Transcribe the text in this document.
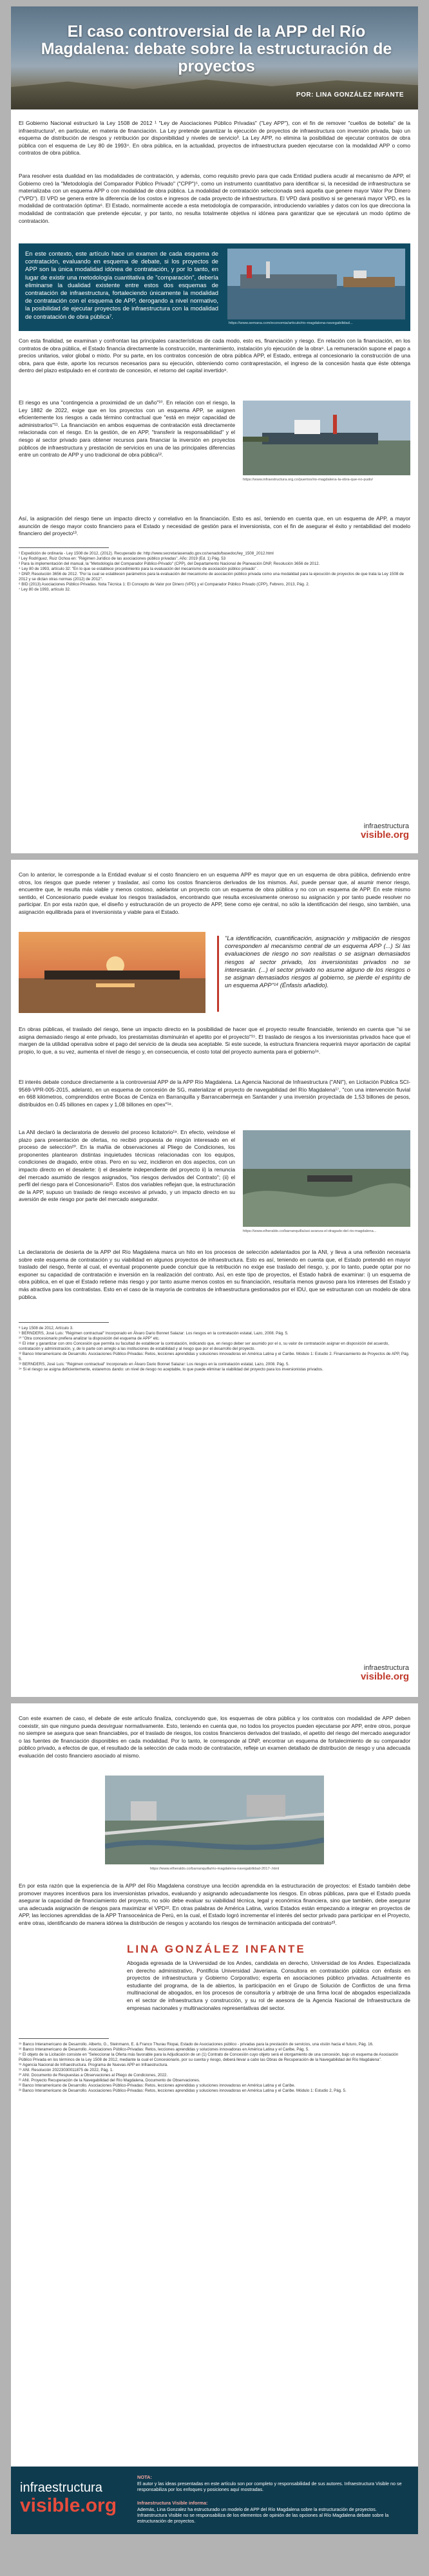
El caso controversial de la APP del Río Magdalena: debate sobre la estructuración de proyectos
POR: LINA GONZÁLEZ INFANTE

El Gobierno Nacional estructuró la Ley 1508 de 2012 ¹ "Ley de Asociaciones Público Privadas" ("Ley APP"), con el fin de remover "cuellos de botella" de la infraestructura², en particular, en materia de financiación. La Ley pretende garantizar la ejecución de proyectos de infraestructura con inversión privada, bajo un esquema de distribución de riesgos y retribución por disponibilidad y niveles de servicio³. La Ley APP, no elimina la posibilidad de ejecutar contratos de obra pública con el esquema de Ley 80 de 1993⁴. En obra pública, en la actualidad, proyectos de infraestructura pueden ejecutarse con la modalidad APP o como contratos de obra pública.

Para resolver esta dualidad en las modalidades de contratación, y además, como requisito previo para que cada Entidad pudiera acudir al mecanismo de APP, el Gobierno creó la "Metodología del Comparador Público Privado" ("CPP")⁵, como un instrumento cuantitativo para identificar si, la necesidad de infraestructura se materializaba con un esquema APP o con modalidad de obra pública. La modalidad de contratación seleccionada será aquella que genere mayor Valor Por Dinero ("VPD"). El VPD se genera entre la diferencia de los costos e ingresos de cada proyecto de infraestructura. El VPD dará positivo si se generará mayor VPD, es la modalidad de contratación óptima⁶. El Estado, normalmente accede a esta metodología de comparación, introduciendo variables y datos con los que direcciona la modalidad de contratación que pretende ejecutar, y por tanto, no resulta totalmente objetiva ni idónea para garantizar que se ejecutará un modo óptimo de contratación.

En este contexto, este artículo hace un examen de cada esquema de contratación, evaluando en esquema de debate, si los proyectos de APP son la única modalidad idónea de contratación, y por lo tanto, en lugar de existir una metodología cuantitativa de "comparación", debería eliminarse la dualidad existente entre estos dos esquemas de contratación de infraestructura, fortaleciendo únicamente la modalidad de contratación con el esquema de APP, derogando a nivel normativo, la posibilidad de ejecutar proyectos de infraestructura con la modalidad de contratación de obra pública⁷.

https://www.semana.com/economia/articulo/rio-magdalena-navegabilidad...

Con esta finalidad, se examinan y confrontan las principales características de cada modo, esto es, financiación y riesgo. En relación con la financiación, en los contratos de obra pública, el Estado financia directamente la construcción, mantenimiento, instalación y/o ejecución de la obra⁸. La remuneración supone el pago a precios unitarios, valor global o mixto. Por su parte, en los contratos concesión de obra pública APP, el Estado, entrega al concesionario la construcción de una obra, para que éste, aporte los recursos necesarios para su ejecución, obteniendo como contraprestación, el ingreso de la concesión hasta que éste obtenga dentro del plazo estipulado en el contrato de concesión, el retorno del capital invertido⁹.

El riesgo es una "contingencia a proximidad de un daño"¹⁰. En relación con el riesgo, la Ley 1882 de 2022, exige que en los proyectos con un esquema APP, se asignen eficientemente los riesgos a cada término contractual que "está en mejor capacidad de administrarlos"¹¹. La financiación en ambos esquemas de contratación está directamente relacionada con el riesgo. En la gestión, de en APP, "transferir la responsabilidad" y el riesgo al sector privado para obtener recursos para financiar la inversión en proyectos públicos de infraestructura y prestación de servicios en una de las principales diferencias entre un contrato de APP y uno tradicional de obra pública¹².

https://www.infraestructura.org.co/puertos/rio-magdalena-la-obra-que-no-pudo/

Así, la asignación del riesgo tiene un impacto directo y correlativo en la financiación. Esto es así, teniendo en cuenta que, en un esquema de APP, a mayor asunción de riesgo mayor costo financiero para el Estado y necesidad de gestión para el inversionista, con el fin de asegurar el éxito y rentabilidad del modelo financiero del proyecto¹³.

¹ Expedición de ordinaria - Ley 1508 de 2012, (2012). Recuperado de: http://www.secretariasenado.gov.co/senado/basedoc/ley_1508_2012.html

² Ley Rodríguez, Ruiz Ochoa en: "Régimen Jurídico de las asociaciones público privadas", Año: 2019 (Ed. 1) Pág. 53

³ Para la implementación del manual, la "Metodología del Comparador Público-Privado" (CPP), del Departamento Nacional de Planeación DNP, Resolución 3656 de 2012.

⁴ Ley 80 de 1993, artículo 32: "En lo que se establece procedimiento para la evaluación del mecanismo de asociación público privado" .

⁵ DNP, Resolución 3656 de 2012. "Por la cual se establecen parámetros para la evaluación del mecanismo de asociación público privada como una modalidad para la ejecución de proyectos de que trata la Ley 1508 de 2012 y se dictan otras normas (2012) de 2012".

⁶ BID (2013) Asociaciones Público Privadas. Nota Técnica 1: El Concepto de Valor por Dinero (VPD) y el Comparador Público Privado (CPP), Febrero, 2013, Pág. 2.

⁷ Ley 80 de 1993, artículo 32.

infraestructura
visible.org

Con lo anterior, le corresponde a la Entidad evaluar si el costo financiero en un esquema APP es mayor que en un esquema de obra pública, definiendo entre otros, los riesgos que puede retener y trasladar, así como los costos financieros derivados de los mismos. Así, puede pensar que, al asumir menor riesgo, encuentre que, le resulta más viable y menos costoso, adelantar un proyecto con un esquema de obra pública y no con un esquema de APP. En este mismo sentido, el Concesionario puede evaluar los riesgos trasladados, encontrando que resulta excesivamente oneroso su asignación y por tanto puede resolver no participar. En por esta razón que, el diseño y estructuración de un proyecto de APP, tiene como eje central, no sólo la identificación del riesgo, sino también, una asignación equilibrada para el inversionista y viable para el Estado.

"La identificación, cuantificación, asignación y mitigación de riesgos corresponden al mecanismo central de un esquema APP (...) Si las evaluaciones de riesgo no son realistas o se asignan demasiados riesgos al sector privado, los inversionistas privados no se interesarán. (...) el sector privado no asume alguno de los riesgos o se asignan demasiados riesgos al gobierno, se pierde el espíritu de un esquema APP"¹⁴ (Énfasis añadido).

En obras públicas, el traslado del riesgo, tiene un impacto directo en la posibilidad de hacer que el proyecto resulte financiable, teniendo en cuenta que "si se asigna demasiado riesgo al ente privado, los prestamistas disminuirán el apetito por el proyecto"¹⁵. El traslado de riesgos a los inversionistas privados hace que el margen de la utilidad operativa sobre el pago del servicio de la deuda sea aceptable. Si este sucede, la estructura financiera requerirá mayor aportación de capital propio, lo que, a su vez, aumenta el nivel de riesgo y, en consecuencia, el costo total del proyecto aumenta para el gobierno¹⁶.

El interés debate conduce directamente a la controversial APP de la APP Río Magdalena. La Agencia Nacional de Infraestructura ("ANI"), en Licitación Pública SCI-9569-VPR-005-2015, adelantó, en un esquema de concesión de SG, materializar el proyecto de navegabilidad del Río Magdalena¹⁷, "con una intervención fluvial en 668 kilómetros, comprendidos entre Bocas de Ceniza en Barranquilla y Barrancabermeja en Santander y una inversión proyectada de 1,53 billones de pesos, distribuidos en 0.45 billones en capex y 1,08 billones en opex"¹⁸.

La ANI declaró la declaratoria de desvelo del proceso licitatorio¹⁹. En efecto, veíndose el plazo para presentación de ofertas, no recibió propuesta de ningún interesado en el proceso de selección²⁰. En la mañia de observaciones al Pliego de Condiciones, los proponentes plantearon distintas inquietudes técnicas relacionadas con los equipos, condiciones de dragado, entre otras. Pero en su vez, incidieron en dos aspectos, con un impacto directo en el desalerte: i) el desalerte independiente del proyecto ii) la renuncia del mercado asumido de riesgos asignados, "los riesgos derivados del Contrato"; (ii) el perfil del riesgo para el Concesionario²¹. Estos dos variables reflejan que, la estructuración de la APP, supuso un traslado de riesgo excesivo al privado, y un impacto directo en su aversión de este riesgo por parte del mercado asegurador.

https://www.elheraldo.co/barranquilla/asi-avanza-el-dragado-del-rio-magdalena...

La declaratoria de desierta de la APP del Río Magdalena marca un hito en los procesos de selección adelantados por la ANI, y lleva a una reflexión necesaria sobre este esquema de contratación y su viabilidad en algunos proyectos de infraestructura. Esto es así, teniendo en cuenta que, el Estado pretendió en mayor traslado del riesgo, frente al cual, el eventual proponente puede concluir que la retribución no exige ese traslado del riesgo, y, por lo tanto, puede optar por no exponer su capacidad de contratación e inversión en la realización del contrato. Así, en este tipo de proyectos, el Estado habrá de examinar: i) un esquema de obra pública, en el que el Estado retiene más riesgo y por tanto asume menos costos en su financiación, resultaría menos gravoso para los intereses del Estado y más atractiva para los contratistas. Esto en el caso de la mayoría de contratos de infraestructura gestionados por el IDU, que se estructuran con un modelo de obra pública.

⁸ Ley 1508 de 2012, Artículo 3.

⁹ BERNDERS, José Luis: "Régimen contractual" Incorporado en Álvaro Dario Bonnet Salazar: Los riesgos en la contratación estatal, Lazo, 2008. Pág. 5.

¹⁰ "Otra concesionario prefiera analizar la disposición del esquema de APP" etc.

¹¹ El inter y garantizar con otro Concesión que permita su facultad de establecer la contratación, indicando que, en riesgo deber ser asumido por el o, su valor de contratación asignar en disposición del acuerdo, contratación y administración, y, de lo parte con arreglo a las instituciones de estabilidad y al riesgo que por el desarrollo del proyecto.

¹² Banco Interamericano de Desarrollo. Asociaciones Público-Privadas: Retos, lecciones aprendidas y soluciones innovadoras en América Latina y el Caribe. Módulo 1: Estudio 2. Financiamiento de Proyectos de APP, Pág. 5.

¹³ BERNDERS, José Luis: "Régimen contractual" Incorporado en Álvaro Dario Bonnet Salazar: Los riesgos en la contratación estatal, Lazo, 2008. Pág. 5.

¹⁴ Si el riesgo se asigna deficientemente, estaremos dando: un nivel de riesgo no aceptable, lo que puede eliminar la viabilidad del proyecto para los inversionistas privados.

infraestructura
visible.org

Con este examen de caso, el debate de este artículo finaliza, concluyendo que, los esquemas de obra pública y los contratos con modalidad de APP deben coexistir, sin que ninguno pueda desvirguar normativamente. Esto, teniendo en cuenta que, no todos los proyectos pueden ejecutarse por APP, entre otros, porque no siempre se asegura que sean financiables, por el traslado de riesgos, los costos financieros derivados del traslado, el apetito del riesgo del mercado asegurador o las fuentes de financiación disponibles en cada modalidad. Por lo tanto, le corresponde al DNP, encontrar un esquema de fortalecimiento de su comparador público privado, a efectos de que, el resultado de la selección de cada modo de contratación, refleje un examen detallado de distribución de riesgo y una adecuada evaluación del costo financiero asociado al mismo.

https://www.elheraldo.co/barranquilla/rio-magdalena-navegabilidad-2017-.html

En por esta razón que la experiencia de la APP del Río Magdalena construye una lección aprendida en la estructuración de proyectos: el Estado también debe promover mayores incentivos para los inversionistas privados, evaluando y asignando adecuadamente los riesgos. En obras públicas, para que el Estado pueda asegurar la capacidad de financiamiento del proyecto, no sólo debe evaluar su viabilidad técnica, legal y económica financiera, sino que también, debe asegurar una adecuada asignación de riesgos para maximizar el VPD²². En otras palabras de América Latina, varios Estados están empezando a integrar en proyectos de APP, las lecciones aprendidas de la APP Transoceánica de Perú, en la cual, el Estado logró incrementar el interés del sector privado para participar en el Proyecto, entre otras, identificando de manera idónea la distribución de riesgos y acotando los riesgos de terminación anticipada del contrato²³.

LINA GONZÁLEZ INFANTE

Abogada egresada de la Universidad de los Andes, candidata en derecho, Universidad de los Andes. Especializada en derecho administrativo, Pontificia Universidad Javeriana. Consultora en contratación pública con énfasis en proyectos de infraestructura y Gobierno Corporativo; experta en asociaciones público privadas. Actualmente es estudiante del programa, de la de abiertos, la participación en el Grupo de Solución de Conflictos de una firma multinacional de abogados, en los procesos de consultoría y arbitraje de una firma local de abogados especializada en el sector de infraestructura y construcción, y su rol de asesora de la Agencia Nacional de Infraestructura de empresas nacionales y multinacionales representativas del sector.

¹⁵ Banco Interamericano de Desarrollo. Alberto, G., Steinmann, E. & Franco Thurau Riopai, Estado de Asociaciones público - privadas para la prestación de servicios, una visión hacia el futuro, Pág. 16.

¹⁶ Banco Interamericano de Desarrollo. Asociaciones Público-Privadas: Retos, lecciones aprendidas y soluciones innovadoras en América Latina y el Caribe, Pág. 5.

¹⁷ El objeto de la Licitación consiste en "Seleccionar la Oferta más favorable para la Adjudicación de un (1) Contrato de Concesión cuyo objeto será el otorgamiento de una concesión, bajo un esquema de Asociación Público Privada en los términos de la Ley 1508 de 2012, mediante la cual el Concesionario, por su cuenta y riesgo, deberá llevar a cabo las Obras de Recuperación de la Navegabilidad del Río Magdalena".

¹⁸ Agencia Nacional de Infraestructura. Programa de Nuevas APP en Infraestructura.

¹⁹ ANI. Resolución 20223030011875 de 2022, Pág. 1.

²⁰ ANI. Documento de Respuestas a Observaciones al Pliego de Condiciones, 2022.

²¹ ANI. Proyecto Recuperación de la Navegabilidad del Río Magdalena, Documento de Observaciones.

²² Banco Interamericano de Desarrollo. Asociaciones Público-Privadas: Retos, lecciones aprendidas y soluciones innovadoras en América Latina y el Caribe.

²³ Banco Interamericano de Desarrollo. Asociaciones Público-Privadas: Retos, lecciones aprendidas y soluciones innovadoras en América Latina y el Caribe. Módulo 1: Estudio 2, Pág. 5.

infraestructura
visible.org
NOTA:

El autor y las ideas presentadas en este artículo son por completo y responsabilidad de sus autores. Infraestructura Visible no se responsabiliza por los enfoques y posiciones aquí mostradas.

Infraestructura Visible informa:

Además, Lina Gonzalez ha estructurado un modelo de APP del Río Magdalena sobre la estructuración de proyectos. Infraestructura Visible no se responsabiliza de los elementos de opinión de las opciones al Río Magdalena debate sobre la estructuración de proyectos.
